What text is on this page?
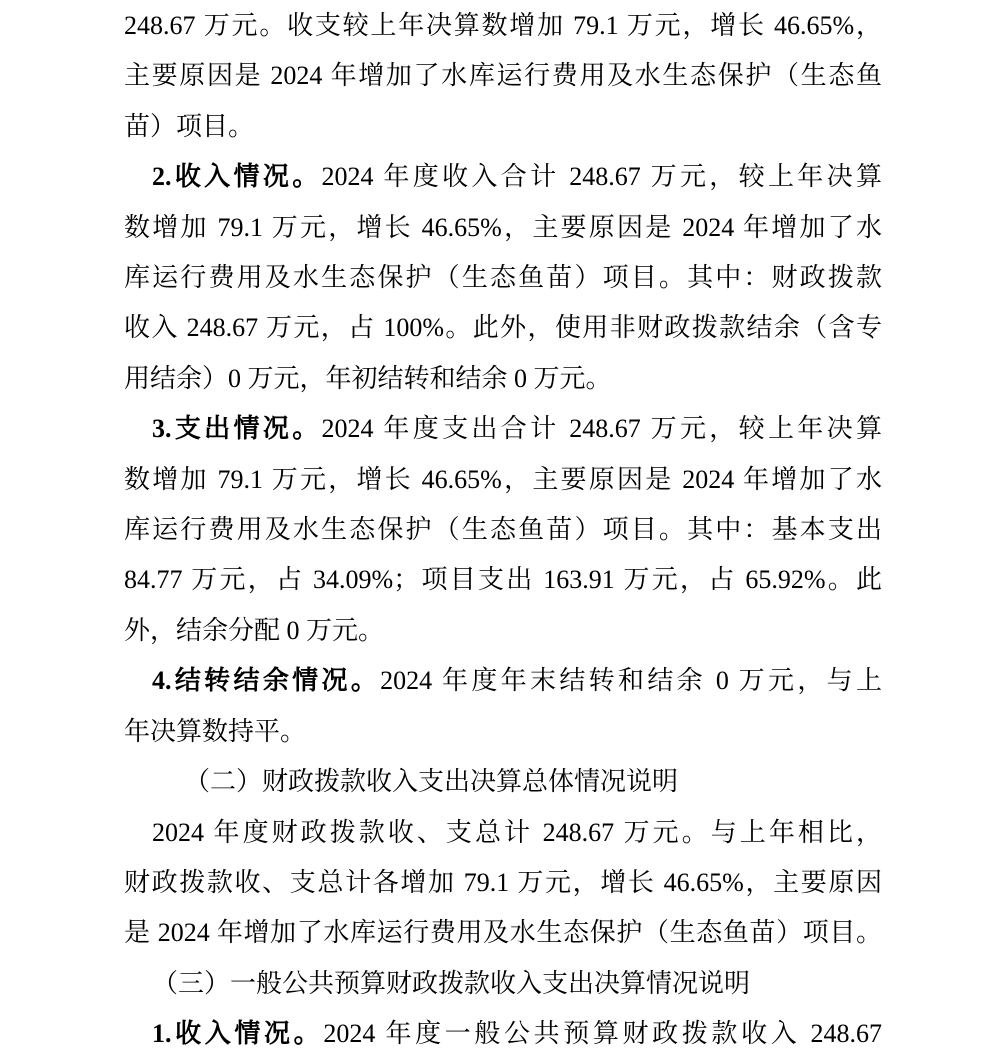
248.67 万元。收支较上年决算数增加 79.1 万元，增长 46.65%，
主要原因是 2024 年增加了水库运行费用及水生态保护（生态鱼
苗）项目。
2.收入情况。2024 年度收入合计 248.67 万元，较上年决算
数增加 79.1 万元，增长 46.65%，主要原因是 2024 年增加了水
库运行费用及水生态保护（生态鱼苗）项目。其中：财政拨款
收入 248.67 万元，占 100%。此外，使用非财政拨款结余（含专
用结余）0 万元，年初结转和结余 0 万元。
3.支出情况。2024 年度支出合计 248.67 万元，较上年决算
数增加 79.1 万元，增长 46.65%，主要原因是 2024 年增加了水
库运行费用及水生态保护（生态鱼苗）项目。其中：基本支出
84.77 万元，占 34.09%；项目支出 163.91 万元，占 65.92%。此
外，结余分配 0 万元。
4.结转结余情况。2024 年度年末结转和结余 0 万元，与上
年决算数持平。
（二）财政拨款收入支出决算总体情况说明
2024 年度财政拨款收、支总计 248.67 万元。与上年相比，
财政拨款收、支总计各增加 79.1 万元，增长 46.65%，主要原因
是 2024 年增加了水库运行费用及水生态保护（生态鱼苗）项目。
（三）一般公共预算财政拨款收入支出决算情况说明
1.收入情况。2024 年度一般公共预算财政拨款收入 248.67
